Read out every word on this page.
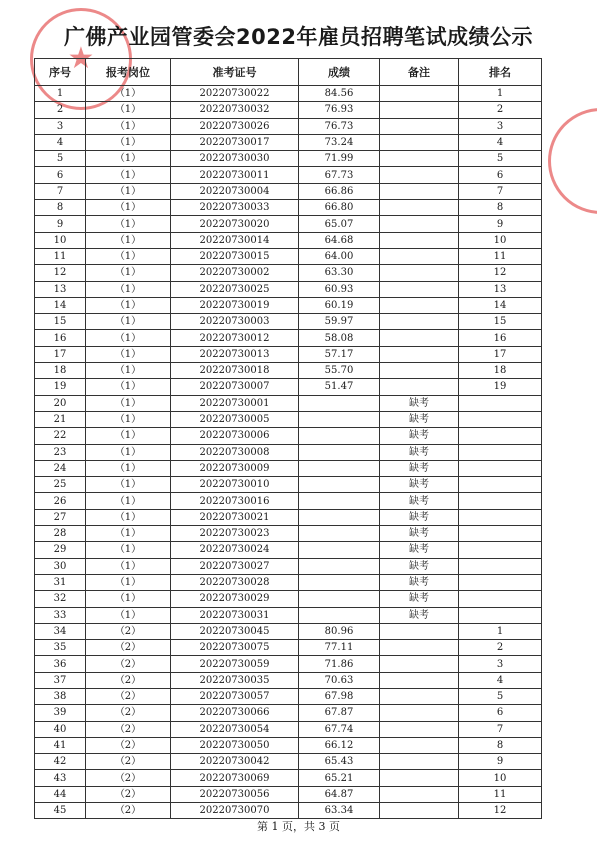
★
广佛产业园管委会2022年雇员招聘笔试成绩公示
序号	报考岗位	准考证号	成绩	备注	排名
1	（1）	20220730022	84.56		1
2	（1）	20220730032	76.93		2
3	（1）	20220730026	76.73		3
4	（1）	20220730017	73.24		4
5	（1）	20220730030	71.99		5
6	（1）	20220730011	67.73		6
7	（1）	20220730004	66.86		7
8	（1）	20220730033	66.80		8
9	（1）	20220730020	65.07		9
10	（1）	20220730014	64.68		10
11	（1）	20220730015	64.00		11
12	（1）	20220730002	63.30		12
13	（1）	20220730025	60.93		13
14	（1）	20220730019	60.19		14
15	（1）	20220730003	59.97		15
16	（1）	20220730012	58.08		16
17	（1）	20220730013	57.17		17
18	（1）	20220730018	55.70		18
19	（1）	20220730007	51.47		19
20	（1）	20220730001		缺考	
21	（1）	20220730005		缺考	
22	（1）	20220730006		缺考	
23	（1）	20220730008		缺考	
24	（1）	20220730009		缺考	
25	（1）	20220730010		缺考	
26	（1）	20220730016		缺考	
27	（1）	20220730021		缺考	
28	（1）	20220730023		缺考	
29	（1）	20220730024		缺考	
30	（1）	20220730027		缺考	
31	（1）	20220730028		缺考	
32	（1）	20220730029		缺考	
33	（1）	20220730031		缺考	
34	（2）	20220730045	80.96		1
35	（2）	20220730075	77.11		2
36	（2）	20220730059	71.86		3
37	（2）	20220730035	70.63		4
38	（2）	20220730057	67.98		5
39	（2）	20220730066	67.87		6
40	（2）	20220730054	67.74		7
41	（2）	20220730050	66.12		8
42	（2）	20220730042	65.43		9
43	（2）	20220730069	65.21		10
44	（2）	20220730056	64.87		11
45	（2）	20220730070	63.34		12
第 1 页，共 3 页
